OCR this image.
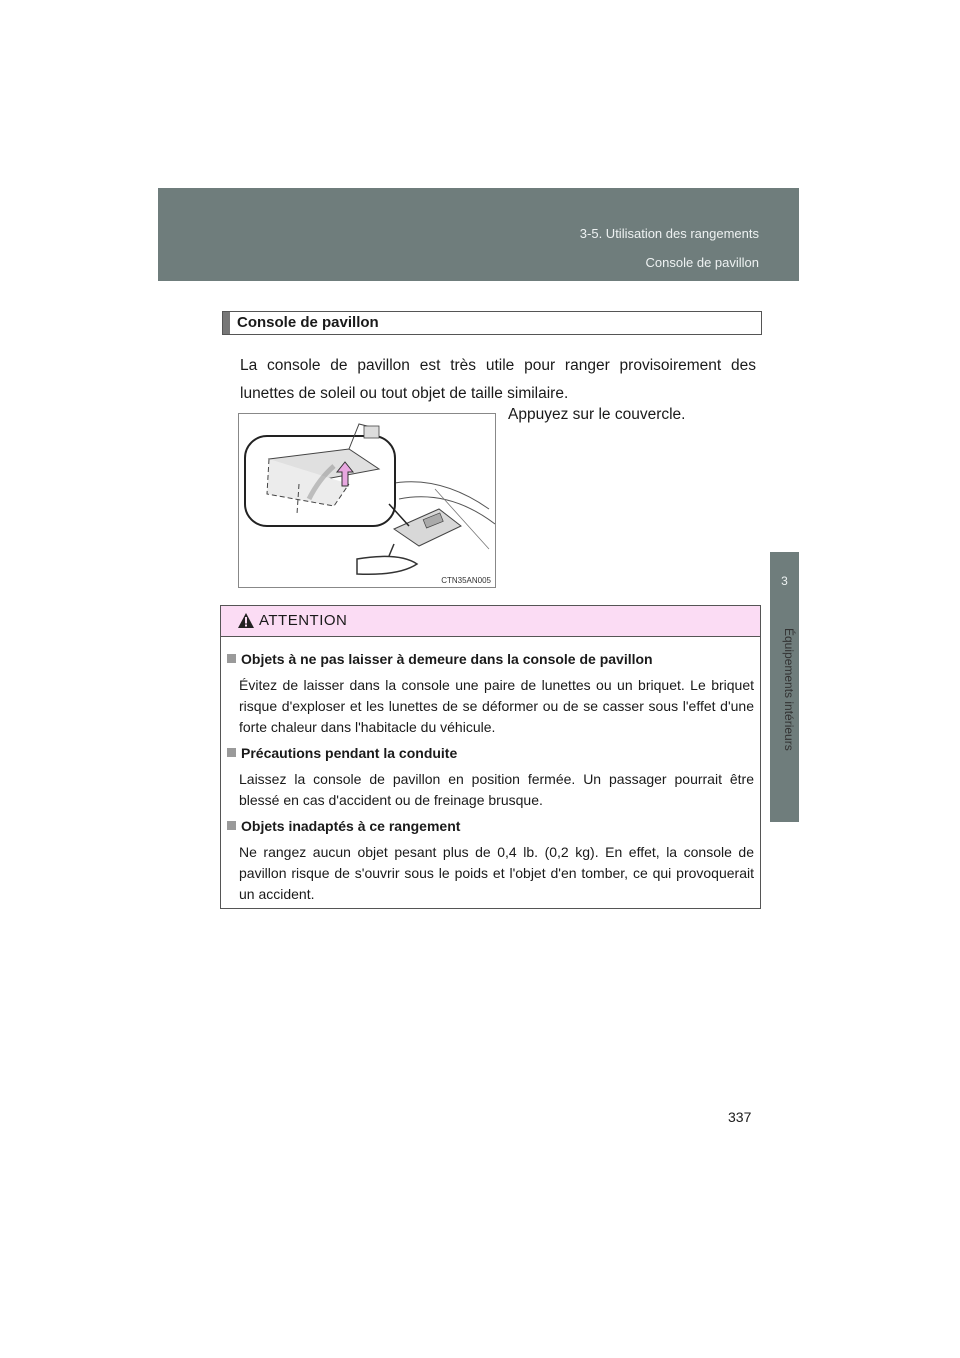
3-5. Utilisation des rangements
Console de pavillon
3
Équipements intérieurs
Console de pavillon
La console de pavillon est très utile pour ranger provisoirement des lunettes de soleil ou tout objet de taille similaire.
CTN35AN005
Appuyez sur le couvercle.
ATTENTION
Objets à ne pas laisser à demeure dans la console de pavillon
Évitez de laisser dans la console une paire de lunettes ou un briquet. Le briquet risque d'exploser et les lunettes de se déformer ou de se casser sous l'effet d'une forte chaleur dans l'habitacle du véhicule.
Précautions pendant la conduite
Laissez la console de pavillon en position fermée. Un passager pourrait être blessé en cas d'accident ou de freinage brusque.
Objets inadaptés à ce rangement
Ne rangez aucun objet pesant plus de 0,4 lb. (0,2 kg). En effet, la console de pavillon risque de s'ouvrir sous le poids et l'objet d'en tomber, ce qui provoquerait un accident.
337
